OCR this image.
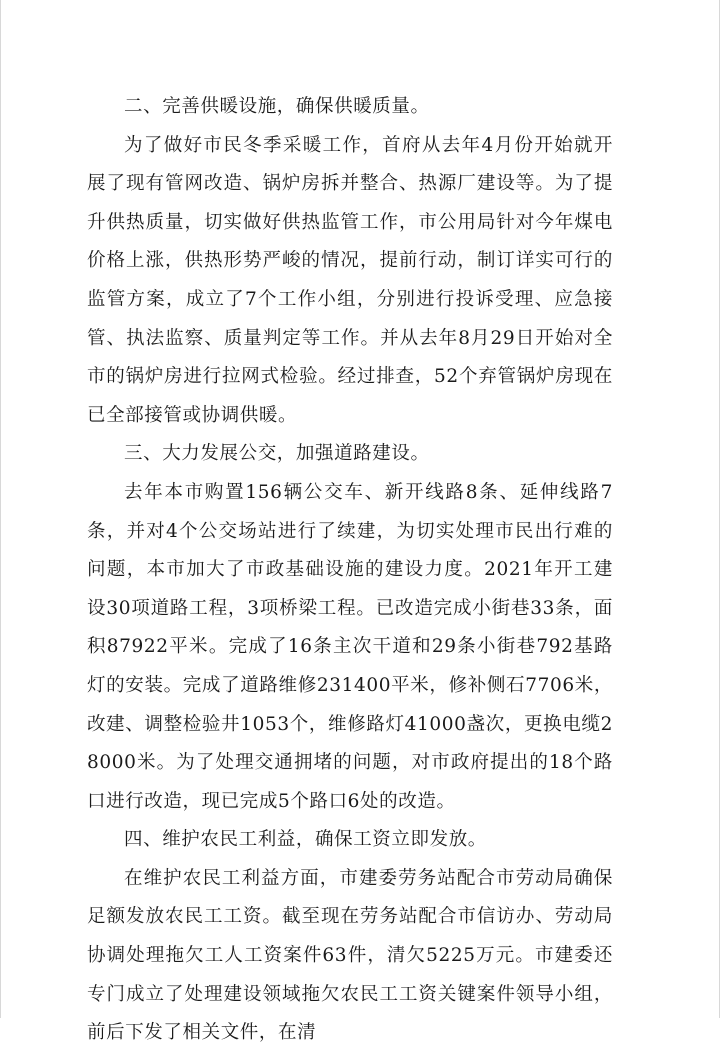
二、完善供暖设施，确保供暖质量。

为了做好市民冬季采暖工作，首府从去年4月份开始就开展了现有管网改造、锅炉房拆并整合、热源厂建设等。为了提升供热质量，切实做好供热监管工作，市公用局针对今年煤电价格上涨，供热形势严峻的情况，提前行动，制订详实可行的监管方案，成立了7个工作小组，分别进行投诉受理、应急接管、执法监察、质量判定等工作。并从去年8月29日开始对全市的锅炉房进行拉网式检验。经过排查，52个弃管锅炉房现在已全部接管或协调供暖。

三、大力发展公交，加强道路建设。

去年本市购置156辆公交车、新开线路8条、延伸线路7条，并对4个公交场站进行了续建，为切实处理市民出行难的问题，本市加大了市政基础设施的建设力度。2021年开工建设30项道路工程，3项桥梁工程。已改造完成小街巷33条，面积87922平米。完成了16条主次干道和29条小街巷792基路灯的安装。完成了道路维修231400平米，修补侧石7706米，改建、调整检验井1053个，维修路灯41000盏次，更换电缆28000米。为了处理交通拥堵的问题，对市政府提出的18个路口进行改造，现已完成5个路口6处的改造。

四、维护农民工利益，确保工资立即发放。

在维护农民工利益方面，市建委劳务站配合市劳动局确保足额发放农民工工资。截至现在劳务站配合市信访办、劳动局协调处理拖欠工人工资案件63件，清欠5225万元。市建委还专门成立了处理建设领域拖欠农民工工资关键案件领导小组，前后下发了相关文件，在清
